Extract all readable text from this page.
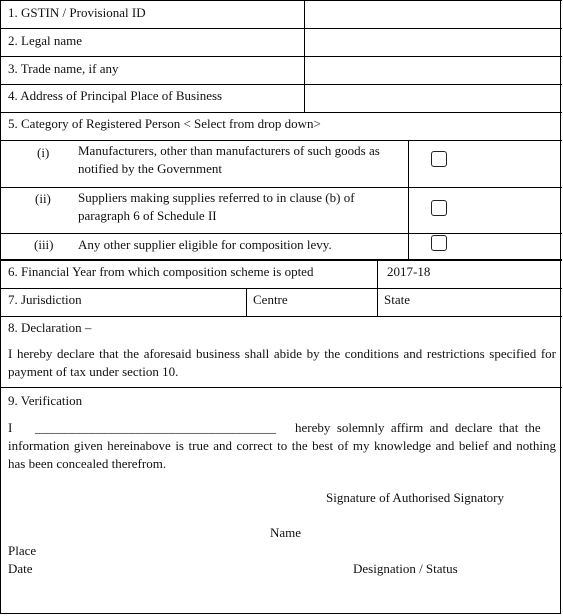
1. GSTIN / Provisional ID
2. Legal name
3. Trade name, if any
4. Address of Principal Place of Business
5. Category of Registered Person < Select from drop down>
(i) Manufacturers, other than manufacturers of such goods as notified by the Government
(ii) Suppliers making supplies referred to in clause (b) of paragraph 6 of Schedule II
(iii) Any other supplier eligible for composition levy.
6. Financial Year from which composition scheme is opted	2017-18
7. Jurisdiction	Centre	State
8. Declaration –
I hereby declare that the aforesaid business shall abide by the conditions and restrictions specified for payment of tax under section 10.
9. Verification
I ____________________________________ hereby solemnly affirm and declare that the
information given hereinabove is true and correct to the best of my knowledge and belief and nothing has been concealed therefrom.
Signature of Authorised Signatory
Name
Place
Date	Designation / Status
